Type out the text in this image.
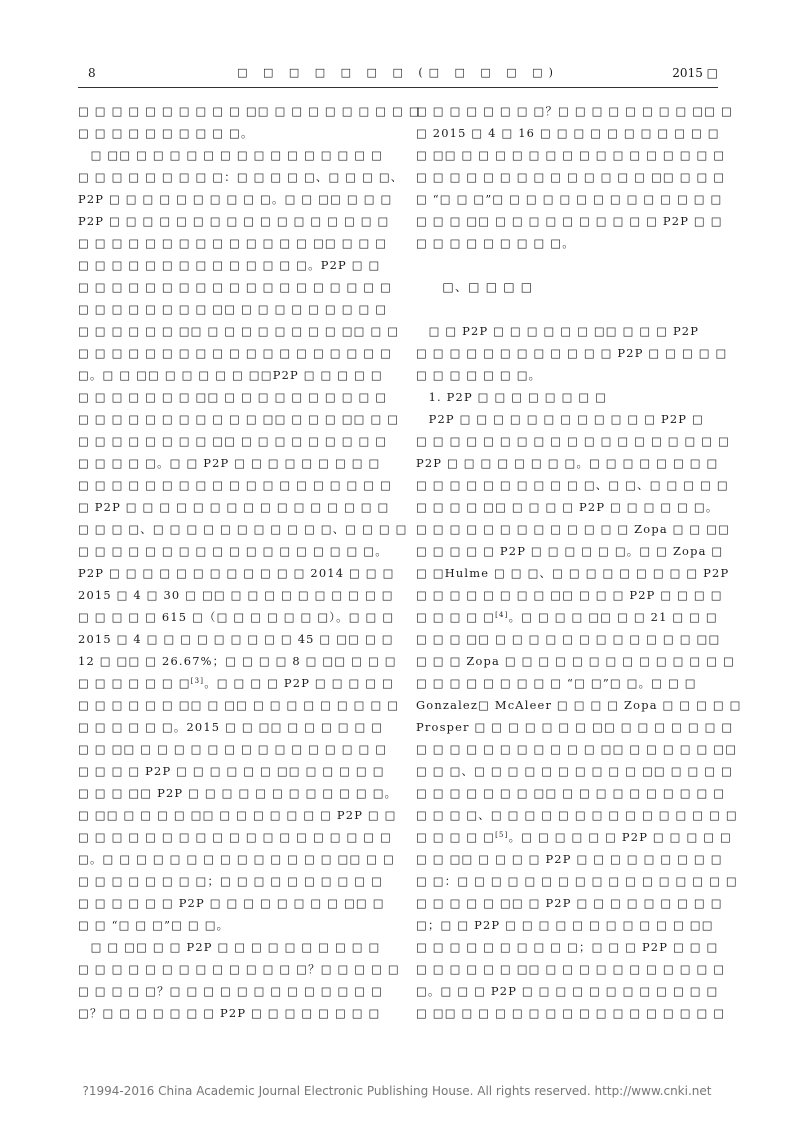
8	□ □ □ □ □ □ □ (□ □ □ □ □)	2015 □
□ □ □ □ □ □ □ □ □ □ □□ □ □ □ □ □ □ □ □ □
□ □ □ □ □ □ □ □ □ □。
　□ □□ □ □ □ □ □ □ □ □ □ □ □ □ □ □ □
□ □ □ □ □ □ □ □ □：□ □ □ □ □、□ □ □ □、
P2P □ □ □ □ □ □ □ □ □ □。□ □ □□ □ □ □
P2P □ □ □ □ □ □ □ □ □ □ □ □ □ □ □ □ □
□ □ □ □ □ □ □ □ □ □ □ □ □ □ □□ □ □ □
□ □ □ □ □ □ □ □ □ □ □ □ □ □。P2P □ □
□ □ □ □ □ □ □ □ □ □ □ □ □ □ □ □ □ □ □
□ □ □ □ □ □ □ □ □□ □ □ □ □ □ □ □ □ □
□ □ □ □ □ □ □□ □ □ □ □ □ □ □ □ □□ □ □
□ □ □ □ □ □ □ □ □ □ □ □ □ □ □ □ □ □ □
□。□ □ □□ □ □ □ □ □ □□P2P □ □ □ □ □
□ □ □ □ □ □ □ □□ □ □ □ □ □ □ □ □ □ □
□ □ □ □ □ □ □ □ □ □ □ □□ □ □ □ □□ □ □
□ □ □ □ □ □ □ □ □□ □ □ □ □ □ □ □ □ □
□ □ □ □ □。□ □ P2P □ □ □ □ □ □ □ □ □
□ □ □ □ □ □ □ □ □ □ □ □ □ □ □ □ □ □ □
□ P2P □ □ □ □ □ □ □ □ □ □ □ □ □ □ □ □
□ □ □ □、□ □ □ □ □ □ □ □ □ □ □、□ □ □ □
□ □ □ □ □ □ □ □ □ □ □ □ □ □ □ □ □ □。
P2P □ □ □ □ □ □ □ □ □ □ □ □ 2014 □ □ □
2015 □ 4 □ 30 □ □□ □ □ □ □ □ □ □ □ □ □
□ □ □ □ □ 615 □（□ □ □ □ □ □ □）。□ □ □
2015 □ 4 □ □ □ □ □ □ □ □ □ 45 □ □□ □ □
12 □ □□ □ 26.67%；□ □ □ □ 8 □ □□ □ □ □
□ □ □ □ □ □ □[3]。□ □ □ □ P2P □ □ □ □ □
□ □ □ □ □ □ □□ □ □□ □ □ □ □ □ □ □ □ □
□ □ □ □ □ □。2015 □ □ □□ □ □ □ □ □ □
□ □ □□ □ □ □ □ □ □ □ □ □ □ □ □ □ □ □
□ □ □ □ P2P □ □ □ □ □ □ □□ □ □ □ □ □
□ □ □ □□ P2P □ □ □ □ □ □ □ □ □ □ □ □。
□ □□ □ □ □ □ □□ □ □ □ □ □ □ □ P2P □ □
□ □ □ □ □ □ □ □ □ □ □ □ □ □ □ □ □ □ □
□。□ □ □ □ □ □ □ □ □ □ □ □ □ □ □□ □ □
□ □ □ □ □ □ □ □；□ □ □ □ □ □ □ □ □ □
□ □ □ □ □ □ P2P □ □ □ □ □ □ □ □ □□ □
□ □ “□ □ □”□ □ □。
　□ □ □□ □ □ P2P □ □ □ □ □ □ □ □ □ □
□ □ □ □ □ □ □ □ □ □ □ □ □ □？□ □ □ □ □
□ □ □ □ □？□ □ □ □ □ □ □ □ □ □ □ □ □
□？□ □ □ □ □ □ □ P2P □ □ □ □ □ □ □ □
□ □ □ □ □ □ □ □？□ □ □ □ □ □ □ □ □□ □
□ 2015 □ 4 □ 16 □ □ □ □ □ □ □ □ □ □ □
□ □□ □ □ □ □ □ □ □ □ □ □ □ □ □ □ □ □
□ □ □ □ □ □ □ □ □ □ □ □ □ □ □□ □ □ □
□ “□ □ □”□ □ □ □ □ □ □ □ □ □ □ □ □ □
□ □ □ □□ □ □ □ □ □ □ □ □ □ □ P2P □ □
□ □ □ □ □ □ □ □ □。
　　□、□ □ □ □
　□ □ P2P □ □ □ □ □ □ □□ □ □ □ P2P
□ □ □ □ □ □ □ □ □ □ □ □ P2P □ □ □ □ □
□ □ □ □ □ □ □。
　1. P2P □ □ □ □ □ □ □ □
　P2P □ □ □ □ □ □ □ □ □ □ □ □ P2P □
□ □ □ □ □ □ □ □ □ □ □ □ □ □ □ □ □ □ □
P2P □ □ □ □ □ □ □ □。□ □ □ □ □ □ □ □
□ □ □ □ □ □ □ □ □ □ □、□ □、□ □ □ □ □
□ □ □ □ □□ □ □ □ □ P2P □ □ □ □ □ □。
□ □ □ □ □ □ □ □ □ □ □ □ □ Zopa □ □ □□
□ □ □ □ □ P2P □ □ □ □ □ □。□ □ Zopa □
□ □Hulme □ □ □、□ □ □ □ □ □ □ □ □ P2P
□ □ □ □ □ □ □ □ □□ □ □ □ P2P □ □ □ □
□ □ □ □ □[4]。□ □ □ □ □□ □ □ 21 □ □ □
□ □ □ □□ □ □ □ □ □ □ □ □ □ □ □ □ □□
□ □ □ Zopa □ □ □ □ □ □ □ □ □ □ □ □ □ □
□ □ □ □ □ □ □ □ □ “□ □”□ □。□ □ □
Gonzalez□ McAleer □ □ □ □ Zopa □ □ □ □ □
Prosper □ □ □ □ □ □ □ □□ □ □ □ □ □ □ □
□ □ □ □ □ □ □ □ □ □ □ □□ □ □ □ □ □ □□
□ □ □、□ □ □ □ □ □ □ □ □ □ □□ □ □ □ □
□ □ □ □ □ □ □ □□ □ □ □ □ □ □ □ □ □ □
□ □ □ □、□ □ □ □ □ □ □ □ □ □ □ □ □ □ □
□ □ □ □ □[5]。□ □ □ □ □ □ P2P □ □ □ □ □
□ □ □□ □ □ □ □ P2P □ □ □ □ □ □ □ □ □
□ □：□ □ □ □ □ □ □ □ □ □ □ □ □ □ □ □ □
□ □ □ □ □ □□ □ P2P □ □ □ □ □ □ □ □ □
□；□ □ P2P □ □ □ □ □ □ □ □ □ □ □ □□
□ □ □ □ □ □ □ □ □ □；□ □ □ P2P □ □ □
□ □ □ □ □ □ □□ □ □ □ □ □ □ □ □ □ □ □
□。□ □ □ P2P □ □ □ □ □ □ □ □ □ □ □ □
□ □□ □ □ □ □ □ □ □ □ □ □ □ □ □ □ □ □
?1994-2016 China Academic Journal Electronic Publishing House. All rights reserved. http://www.cnki.net
